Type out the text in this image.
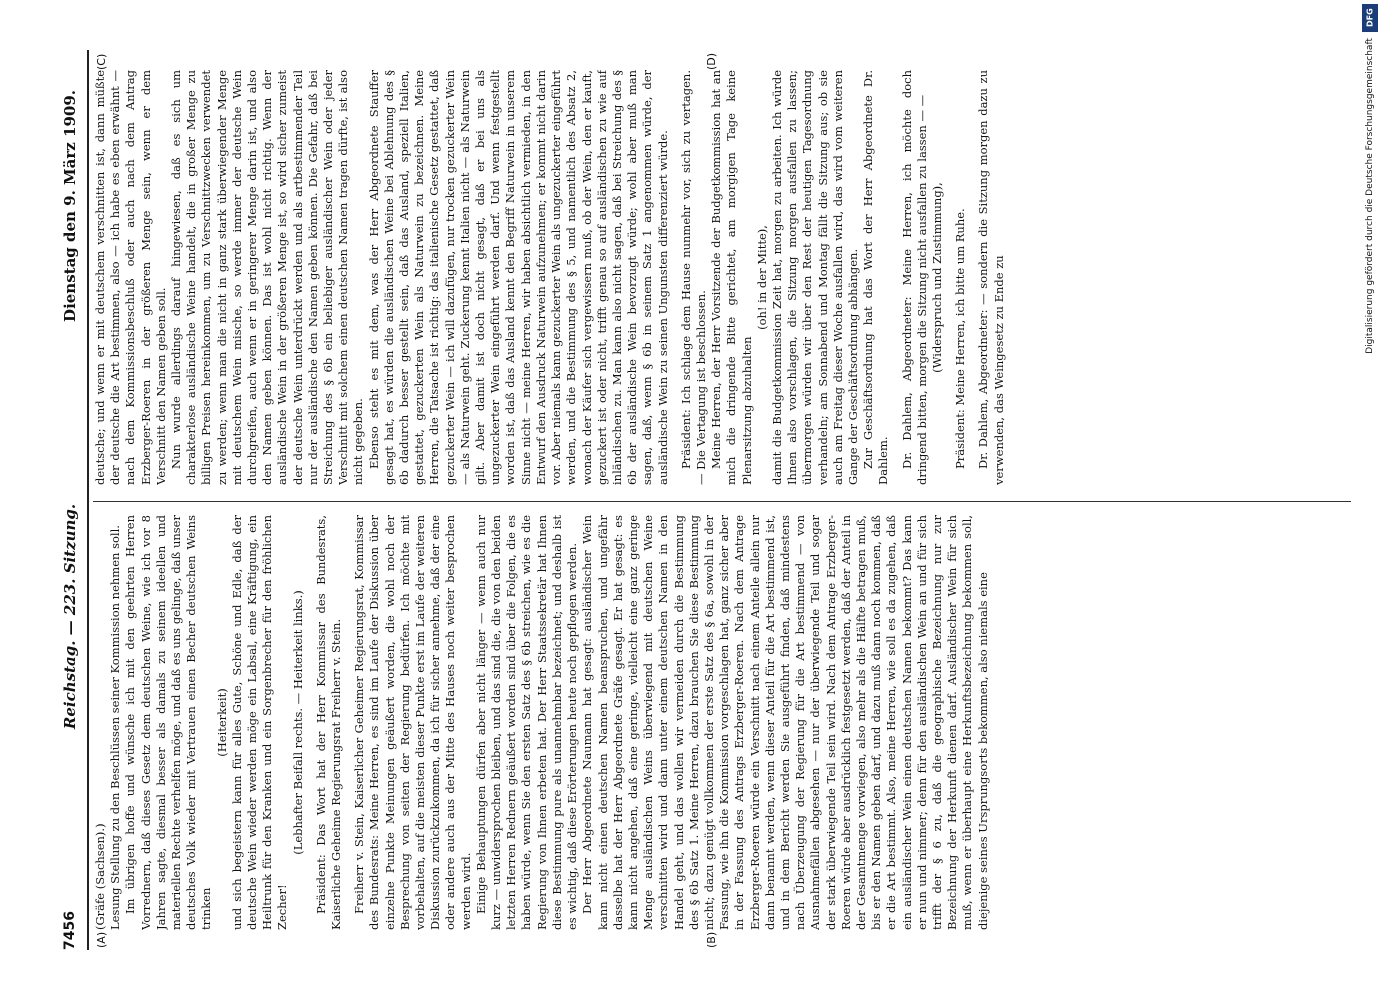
7456
Reichstag. — 223. Sitzung.
Dienstag den 9. März 1909.
(A)	(B)
(C)	(D)

(Gräfe (Sachsen).) Lesung Stellung zu den Beschlüssen seiner Kommission nehmen soll. Im übrigen hoffe und wünsche ich mit den geehrten Herren Vorrednern, daß dieses Gesetz dem deutschen Weine, wie ich vor 8 Jahren sagte, diesmal besser als damals zu seinem ideellen und materiellen Rechte verhelfen möge, und daß es uns gelinge, daß unser deutsches Volk wieder mit Vertrauen einen Becher deutschen Weins trinken

(Heiterkeit) und sich begeistern kann für alles Gute, Schöne und Edle, daß der deutsche Wein wieder werden möge ein Labsal, eine Kräftigung, ein Heiltrunk für den Kranken und ein Sorgenbrecher für den fröhlichen Zecher!

(Lebhafter Beifall rechts. — Heiterkeit links.) Präsident: Das Wort hat der Herr Kommissar des Bundesrats, Kaiserliche Geheime Regierungsrat Freiherr v. Stein. Freiherr v. Stein, Kaiserlicher Geheimer Regierungsrat, Kommissar des Bundesrats: Meine Herren, es sind im Laufe der Diskussion über einzelne Punkte Meinungen geäußert worden, die wohl noch der Besprechung von seiten der Regierung bedürfen. Ich möchte mit vorbehalten, auf die meisten dieser Punkte erst im Laufe der weiteren Diskussion zurückzukommen, da ich für sicher annehme, daß der eine oder andere auch aus der Mitte des Hauses noch weiter besprochen werden wird. Einige Behauptungen dürfen aber nicht länger — wenn auch nur kurz — unwidersprochen bleiben, und das sind die, die von den beiden letzten Herren Rednern geäußert worden sind über die Folgen, die es haben würde, wenn Sie den ersten Satz des § 6b streichen, wie es die Regierung von Ihnen erbeten hat. Der Herr Staatssekretär hat Ihnen diese Bestimmung pure als unannehmbar bezeichnet; und deshalb ist es wichtig, daß diese Erörterungen heute noch gepflogen werden. Der Herr Abgeordnete Naumann hat gesagt: ausländischer Wein kann nicht einen deutschen Namen beanspruchen, und ungefähr dasselbe hat der Herr Abgeordnete Gräfe gesagt. Er hat gesagt: es kann nicht angehen, daß eine geringe, vielleicht eine ganz geringe Menge ausländischen Weins überwiegend mit deutschen Weine verschnitten wird und dann unter einem deutschen Namen in den Handel geht, und das wollen wir vermeiden durch die Bestimmung des § 6b Satz 1. Meine Herren, dazu brauchen Sie diese Bestimmung nicht; dazu genügt vollkommen der erste Satz des § 6a, sowohl in der Fassung, wie ihn die Kommission vorgeschlagen hat, ganz sicher aber in der Fassung des Antrags Erzberger-Roeren. Nach dem Antrage Erzberger-Roeren würde ein Verschnitt nach einem Anteile allein nur dann benannt werden, wenn dieser Anteil für die Art bestimmend ist, und in dem Bericht werden Sie ausgeführt finden, daß mindestens nach Überzeugung der Regierung für die Art bestimmend — von Ausnahmefällen abgesehen — nur der überwiegende Teil und sogar der stark überwiegende Teil sein wird. Nach dem Antrage Erzberger-Roeren würde aber ausdrücklich festgesetzt werden, daß der Anteil in der Gesamtmenge vorwiegen, also mehr als die Hälfte betragen muß, bis er den Namen geben darf, und dazu muß dann noch kommen, daß er die Art bestimmt. Also, meine Herren, wie soll es da zugehen, daß ein ausländischer Wein einen deutschen Namen bekommt? Das kann er nun und nimmer; denn für den ausländischen Wein an und für sich trifft der § 6 zu, daß die geographische Bezeichnung nur zur Bezeichnung der Herkunft dienen darf. Ausländischer Wein für sich muß, wenn er überhaupt eine Herkunftsbezeichnung bekommen soll, diejenige seines Ursprungsorts bekommen, also niemals eine

deutsche; und wenn er mit deutschem verschnitten ist, dann müßte der deutsche die Art bestimmen, also — ich habe es eben erwähnt — nach dem Kommissionsbeschluß oder auch nach dem Antrag Erzberger-Roeren in der größeren Menge sein, wenn er dem Verschnitt den Namen geben soll. Nun wurde allerdings darauf hingewiesen, daß es sich um charakterlose ausländische Weine handelt, die in großer Menge zu billigen Preisen hereinkommen, um zu Verschnittzwecken verwendet zu werden; wenn man die nicht in ganz stark überwiegender Menge mit deutschem Wein mische, so werde immer der deutsche Wein durchgreifen, auch wenn er in geringerer Menge darin ist, und also den Namen geben können. Das ist wohl nicht richtig. Wenn der ausländische Wein in der größeren Menge ist, so wird sicher zumeist der deutsche Wein unterdrückt werden und als artbestimmender Teil nur der ausländische den Namen geben können. Die Gefahr, daß bei Streichung des § 6b ein beliebiger ausländischer Wein oder jeder Verschnitt mit solchem einen deutschen Namen tragen dürfte, ist also nicht gegeben. Ebenso steht es mit dem, was der Herr Abgeordnete Stauffer gesagt hat, es würden die ausländischen Weine bei Ablehnung des § 6b dadurch besser gestellt sein, daß das Ausland, speziell Italien, gestattet, gezuckerten Wein als Naturwein zu bezeichnen. Meine Herren, die Tatsache ist richtig: das italienische Gesetz gestattet, daß gezuckerter Wein — ich will dazufügen, nur trocken gezuckerter Wein — als Naturwein geht. Zuckerung kennt Italien nicht — als Naturwein gilt. Aber damit ist doch nicht gesagt, daß er bei uns als ungezuckerter Wein eingeführt werden darf. Und wenn festgestellt worden ist, daß das Ausland kennt den Begriff Naturwein in unserem Sinne nicht — meine Herren, wir haben absichtlich vermieden, in den Entwurf den Ausdruck Naturwein aufzunehmen; er kommt nicht darin vor. Aber niemals kann gezuckerter Wein als ungezuckerter eingeführt werden, und die Bestimmung des § 5, und namentlich des Absatz 2, wonach der Käufer sich vergewissern muß, ob der Wein, den er kauft, gezuckert ist oder nicht, trifft genau so auf ausländischen zu wie auf inländischen zu. Man kann also nicht sagen, daß bei Streichung des § 6b der ausländische Wein bevorzugt würde; wohl aber muß man sagen, daß, wenn § 6b in seinem Satz 1 angenommen würde, der ausländische Wein zu seinen Ungunsten differenziert würde. Präsident: Ich schlage dem Hause nunmehr vor, sich zu vertagen. — Die Vertagung ist beschlossen. Meine Herren, der Herr Vorsitzende der Budgetkommission hat an mich die dringende Bitte gerichtet, am morgigen Tage keine Plenarsitzung abzuhalten

(oh! in der Mitte), damit die Budgetkommission Zeit hat, morgen zu arbeiten. Ich würde Ihnen also vorschlagen, die Sitzung morgen ausfallen zu lassen; übermorgen würden wir über den Rest der heutigen Tagesordnung verhandeln; am Sonnabend und Montag fällt die Sitzung aus; ob sie auch am Freitag dieser Woche ausfallen wird, das wird vom weiteren Gange der Geschäftsordnung abhängen. Zur Geschäftsordnung hat das Wort der Herr Abgeordnete Dr. Dahlem. Dr. Dahlem, Abgeordneter: Meine Herren, ich möchte doch dringend bitten, morgen die Sitzung nicht ausfallen zu lassen — — (Widerspruch und Zustimmung), Präsident: Meine Herren, ich bitte um Ruhe. Dr. Dahlem, Abgeordneter: — sondern die Sitzung morgen dazu zu verwenden, das Weingesetz zu Ende zu

DFG
Digitalisierung gefördert durch die Deutsche Forschungsgemeinschaft
